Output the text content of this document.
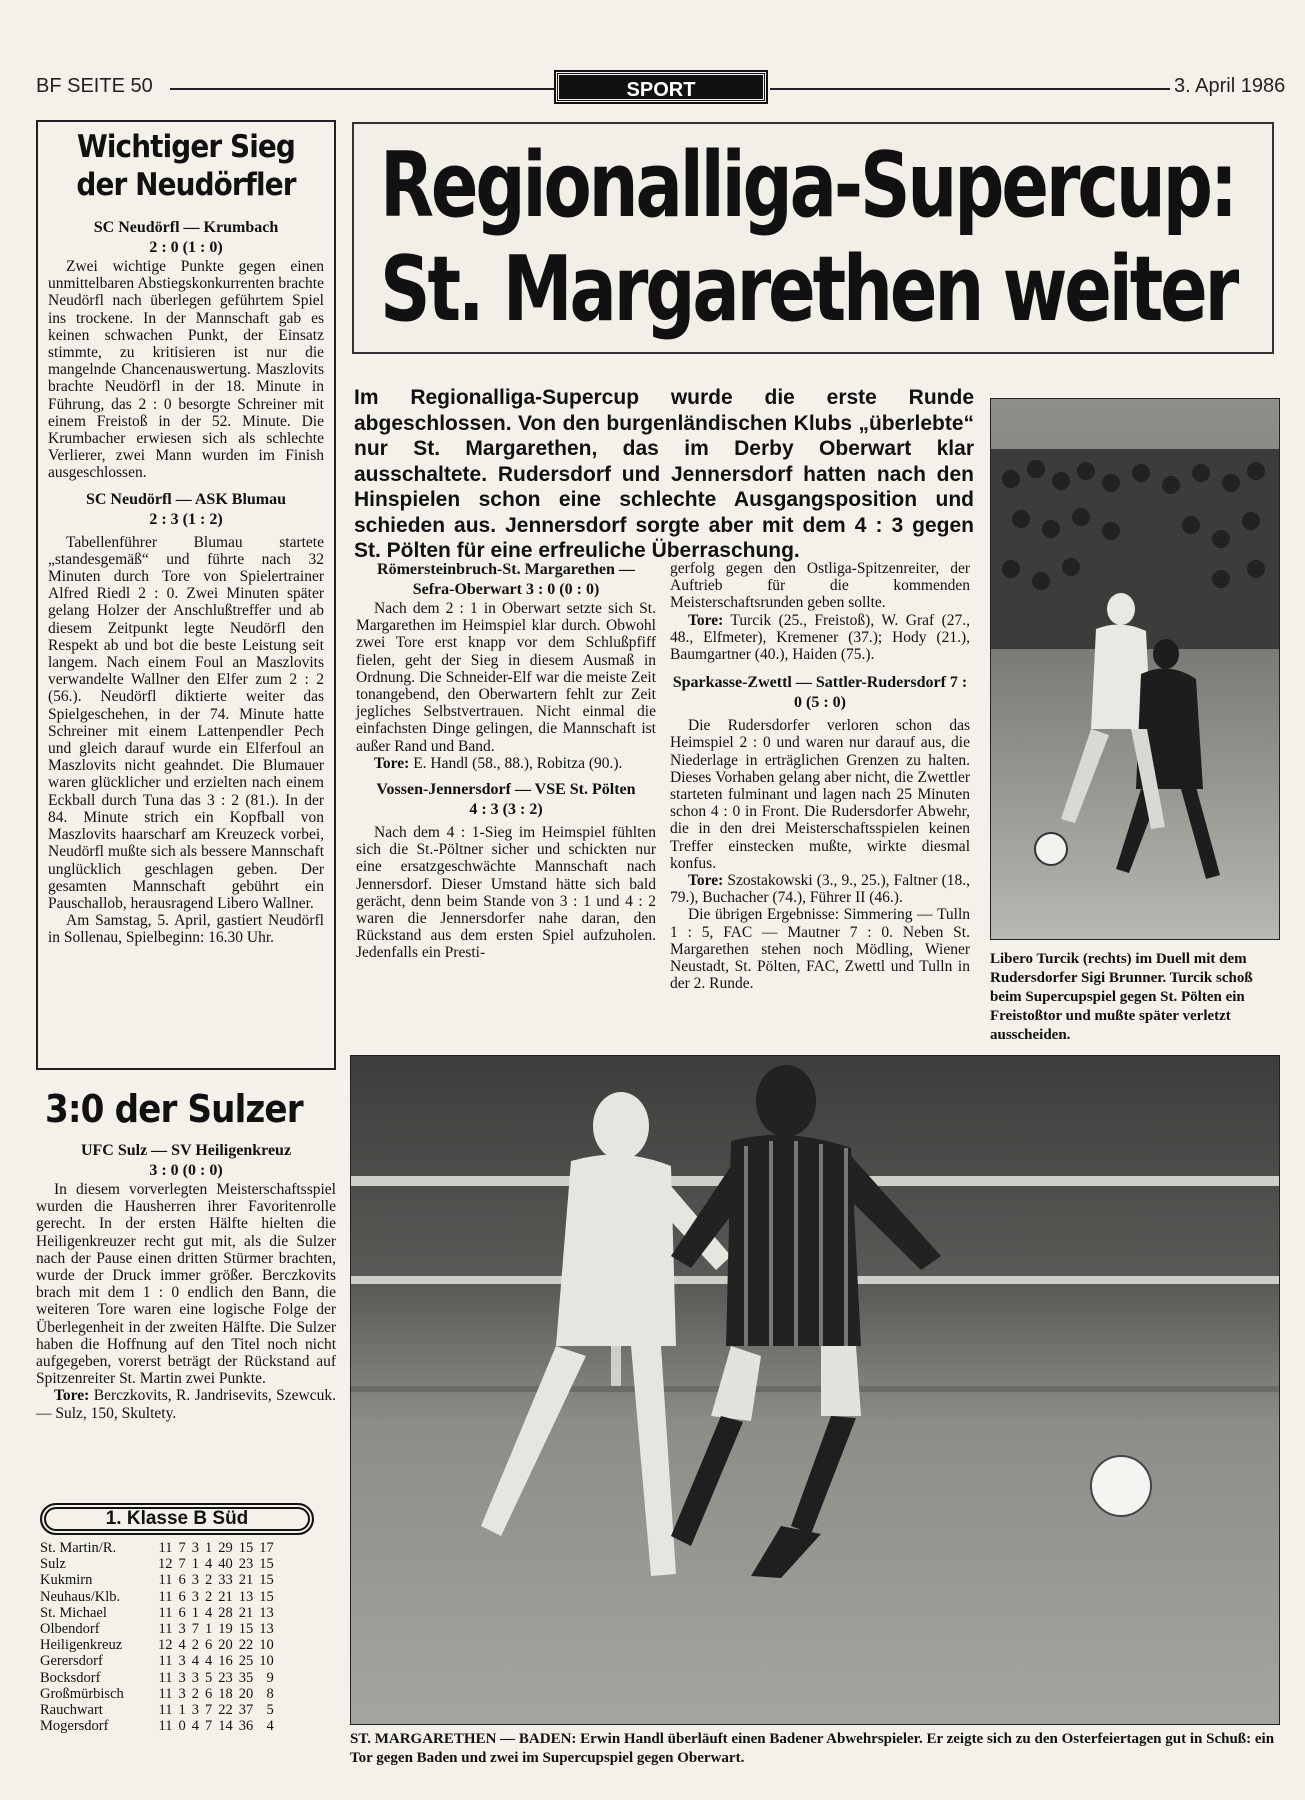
BF SEITE 50	SPORT	3. April 1986
Wichtiger Sieg
der Neudörfler

SC Neudörfl — Krumbach

2 : 0 (1 : 0)

Zwei wichtige Punkte gegen einen unmittelbaren Abstiegskonkurrenten brachte Neudörfl nach überlegen geführtem Spiel ins trockene. In der Mannschaft gab es keinen schwachen Punkt, der Einsatz stimmte, zu kritisieren ist nur die mangelnde Chancenauswertung. Maszlovits brachte Neudörfl in der 18. Minute in Führung, das 2 : 0 besorgte Schreiner mit einem Freistoß in der 52. Minute. Die Krumbacher erwiesen sich als schlechte Verlierer, zwei Mann wurden im Finish ausgeschlossen.

SC Neudörfl — ASK Blumau

2 : 3 (1 : 2)

Tabellenführer Blumau startete „standesgemäß“ und führte nach 32 Minuten durch Tore von Spielertrainer Alfred Riedl 2 : 0. Zwei Minuten später gelang Holzer der Anschlußtreffer und ab diesem Zeitpunkt legte Neudörfl den Respekt ab und bot die beste Leistung seit langem. Nach einem Foul an Maszlovits verwandelte Wallner den Elfer zum 2 : 2 (56.). Neudörfl diktierte weiter das Spielgeschehen, in der 74. Minute hatte Schreiner mit einem Lattenpendler Pech und gleich darauf wurde ein Elferfoul an Maszlovits nicht geahndet. Die Blumauer waren glücklicher und erzielten nach einem Eckball durch Tuna das 3 : 2 (81.). In der 84. Minute strich ein Kopfball von Maszlovits haarscharf am Kreuzeck vorbei, Neudörfl mußte sich als bessere Mannschaft unglücklich geschlagen geben. Der gesamten Mannschaft gebührt ein Pauschallob, herausragend Libero Wallner.

Am Samstag, 5. April, gastiert Neudörfl in Sollenau, Spielbeginn: 16.30 Uhr.

3:0 der Sulzer

UFC Sulz — SV Heiligenkreuz

3 : 0 (0 : 0)

In diesem vorverlegten Meisterschaftsspiel wurden die Hausherren ihrer Favoritenrolle gerecht. In der ersten Hälfte hielten die Heiligenkreuzer recht gut mit, als die Sulzer nach der Pause einen dritten Stürmer brachten, wurde der Druck immer größer. Berczkovits brach mit dem 1 : 0 endlich den Bann, die weiteren Tore waren eine logische Folge der Überlegenheit in der zweiten Hälfte. Die Sulzer haben die Hoffnung auf den Titel noch nicht aufgegeben, vorerst beträgt der Rückstand auf Spitzenreiter St. Martin zwei Punkte.

Tore: Berczkovits, R. Jandrisevits, Szewcuk. — Sulz, 150, Skultety.

1. Klasse B Süd
St. Martin/R.	11	7	3	1	29	15	17
Sulz	12	7	1	4	40	23	15
Kukmirn	11	6	3	2	33	21	15
Neuhaus/Klb.	11	6	3	2	21	13	15
St. Michael	11	6	1	4	28	21	13
Olbendorf	11	3	7	1	19	15	13
Heiligenkreuz	12	4	2	6	20	22	10
Gerersdorf	11	3	4	4	16	25	10
Bocksdorf	11	3	3	5	23	35	9
Großmürbisch	11	3	2	6	18	20	8
Rauchwart	11	1	3	7	22	37	5
Mogersdorf	11	0	4	7	14	36	4
Regionalliga-Supercup:
St. Margarethen weiter
Im Regionalliga-Supercup wurde die erste Runde abgeschlossen. Von den burgenländischen Klubs „überlebte“ nur St. Margarethen, das im Derby Oberwart klar ausschaltete. Rudersdorf und Jennersdorf hatten nach den Hinspielen schon eine schlechte Ausgangsposition und schieden aus. Jennersdorf sorgte aber mit dem 4 : 3 gegen St. Pölten für eine erfreuliche Überraschung.

Römersteinbruch-St. Margarethen —

Sefra-Oberwart 3 : 0 (0 : 0)

Nach dem 2 : 1 in Oberwart setzte sich St. Margarethen im Heimspiel klar durch. Obwohl zwei Tore erst knapp vor dem Schlußpfiff fielen, geht der Sieg in diesem Ausmaß in Ordnung. Die Schneider-Elf war die meiste Zeit tonangebend, den Oberwartern fehlt zur Zeit jegliches Selbstvertrauen. Nicht einmal die einfachsten Dinge gelingen, die Mannschaft ist außer Rand und Band.

Tore: E. Handl (58., 88.), Robitza (90.).

Vossen-Jennersdorf — VSE St. Pölten

4 : 3 (3 : 2)

Nach dem 4 : 1-Sieg im Heimspiel fühlten sich die St.-Pöltner sicher und schickten nur eine ersatzgeschwächte Mannschaft nach Jennersdorf. Dieser Umstand hätte sich bald gerächt, denn beim Stande von 3 : 1 und 4 : 2 waren die Jennersdorfer nahe daran, den Rückstand aus dem ersten Spiel aufzuholen. Jedenfalls ein Presti-

gerfolg gegen den Ostliga-Spitzenreiter, der Auftrieb für die kommenden Meisterschaftsrunden geben sollte.

Tore: Turcik (25., Freistoß), W. Graf (27., 48., Elfmeter), Kremener (37.); Hody (21.), Baumgartner (40.), Haiden (75.).

Sparkasse-Zwettl — Sattler-Rudersdorf 7 : 0 (5 : 0)

Die Rudersdorfer verloren schon das Heimspiel 2 : 0 und waren nur darauf aus, die Niederlage in erträglichen Grenzen zu halten. Dieses Vorhaben gelang aber nicht, die Zwettler starteten fulminant und lagen nach 25 Minuten schon 4 : 0 in Front. Die Rudersdorfer Abwehr, die in den drei Meisterschaftsspielen keinen Treffer einstecken mußte, wirkte diesmal konfus.

Tore: Szostakowski (3., 9., 25.), Faltner (18., 79.), Buchacher (74.), Führer II (46.).

Die übrigen Ergebnisse: Simmering — Tulln 1 : 5, FAC — Mautner 7 : 0. Neben St. Margarethen stehen noch Mödling, Wiener Neustadt, St. Pölten, FAC, Zwettl und Tulln in der 2. Runde.

Libero Turcik (rechts) im Duell mit dem Rudersdorfer Sigi Brunner. Turcik schoß beim Supercupspiel gegen St. Pölten ein Freistoßtor und mußte später verletzt ausscheiden.
ST. MARGARETHEN — BADEN: Erwin Handl überläuft einen Badener Abwehrspieler. Er zeigte sich zu den Osterfeiertagen gut in Schuß: ein Tor gegen Baden und zwei im Supercupspiel gegen Oberwart.
